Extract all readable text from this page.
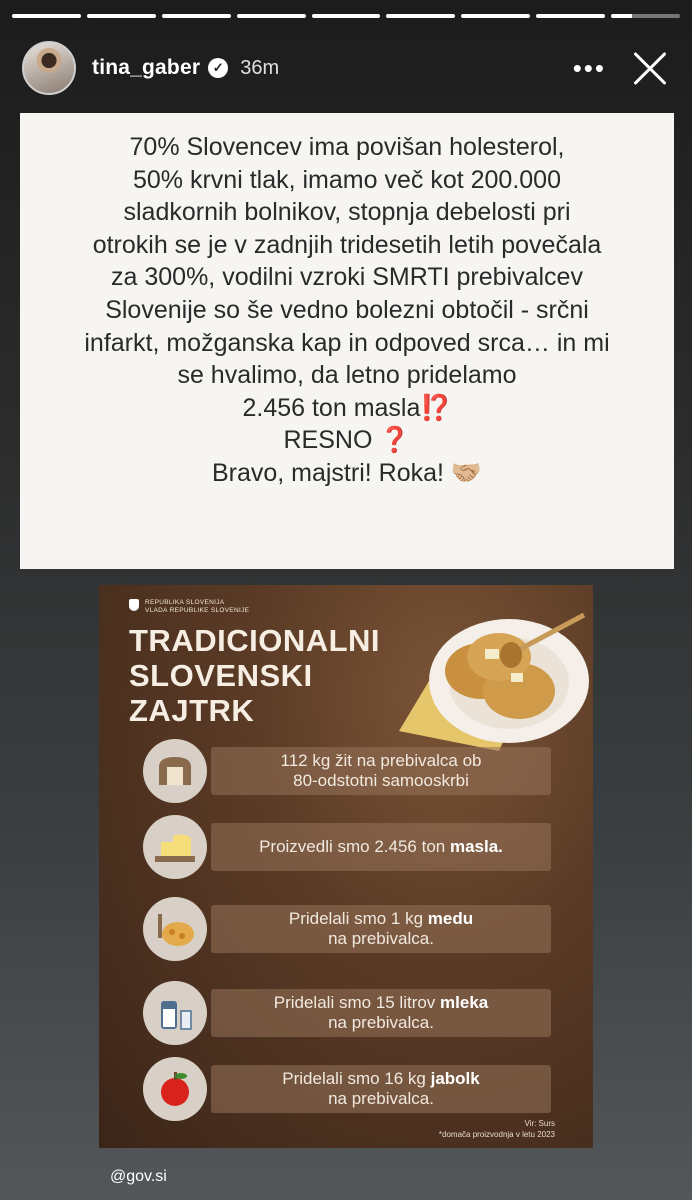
tina_gaber ✓ 36m	•••
70% Slovencev ima povišan holesterol,
50% krvni tlak, imamo več kot 200.000
sladkornih bolnikov, stopnja debelosti pri
otrokih se je v zadnjih tridesetih letih povečala
za 300%, vodilni vzroki SMRTI prebivalcev
Slovenije so še vedno bolezni obtočil - srčni
infarkt, možganska kap in odpoved srca… in mi
se hvalimo, da letno pridelamo
2.456 ton masla⁉️
RESNO ❓
Bravo, majstri! Roka! 🤝🏼
REPUBLIKA SLOVENIJA
VLADA REPUBLIKE SLOVENIJE
TRADICIONALNI
SLOVENSKI
ZAJTRK
112 kg žit na prebivalca ob
80-odstotni samooskrbi
Proizvedli smo 2.456 ton masla.
Pridelali smo 1 kg medu
na prebivalca.
Pridelali smo 15 litrov mleka
na prebivalca.
Pridelali smo 16 kg jabolk
na prebivalca.
Vir: Surs
*domača proizvodnja v letu 2023
@gov.si
